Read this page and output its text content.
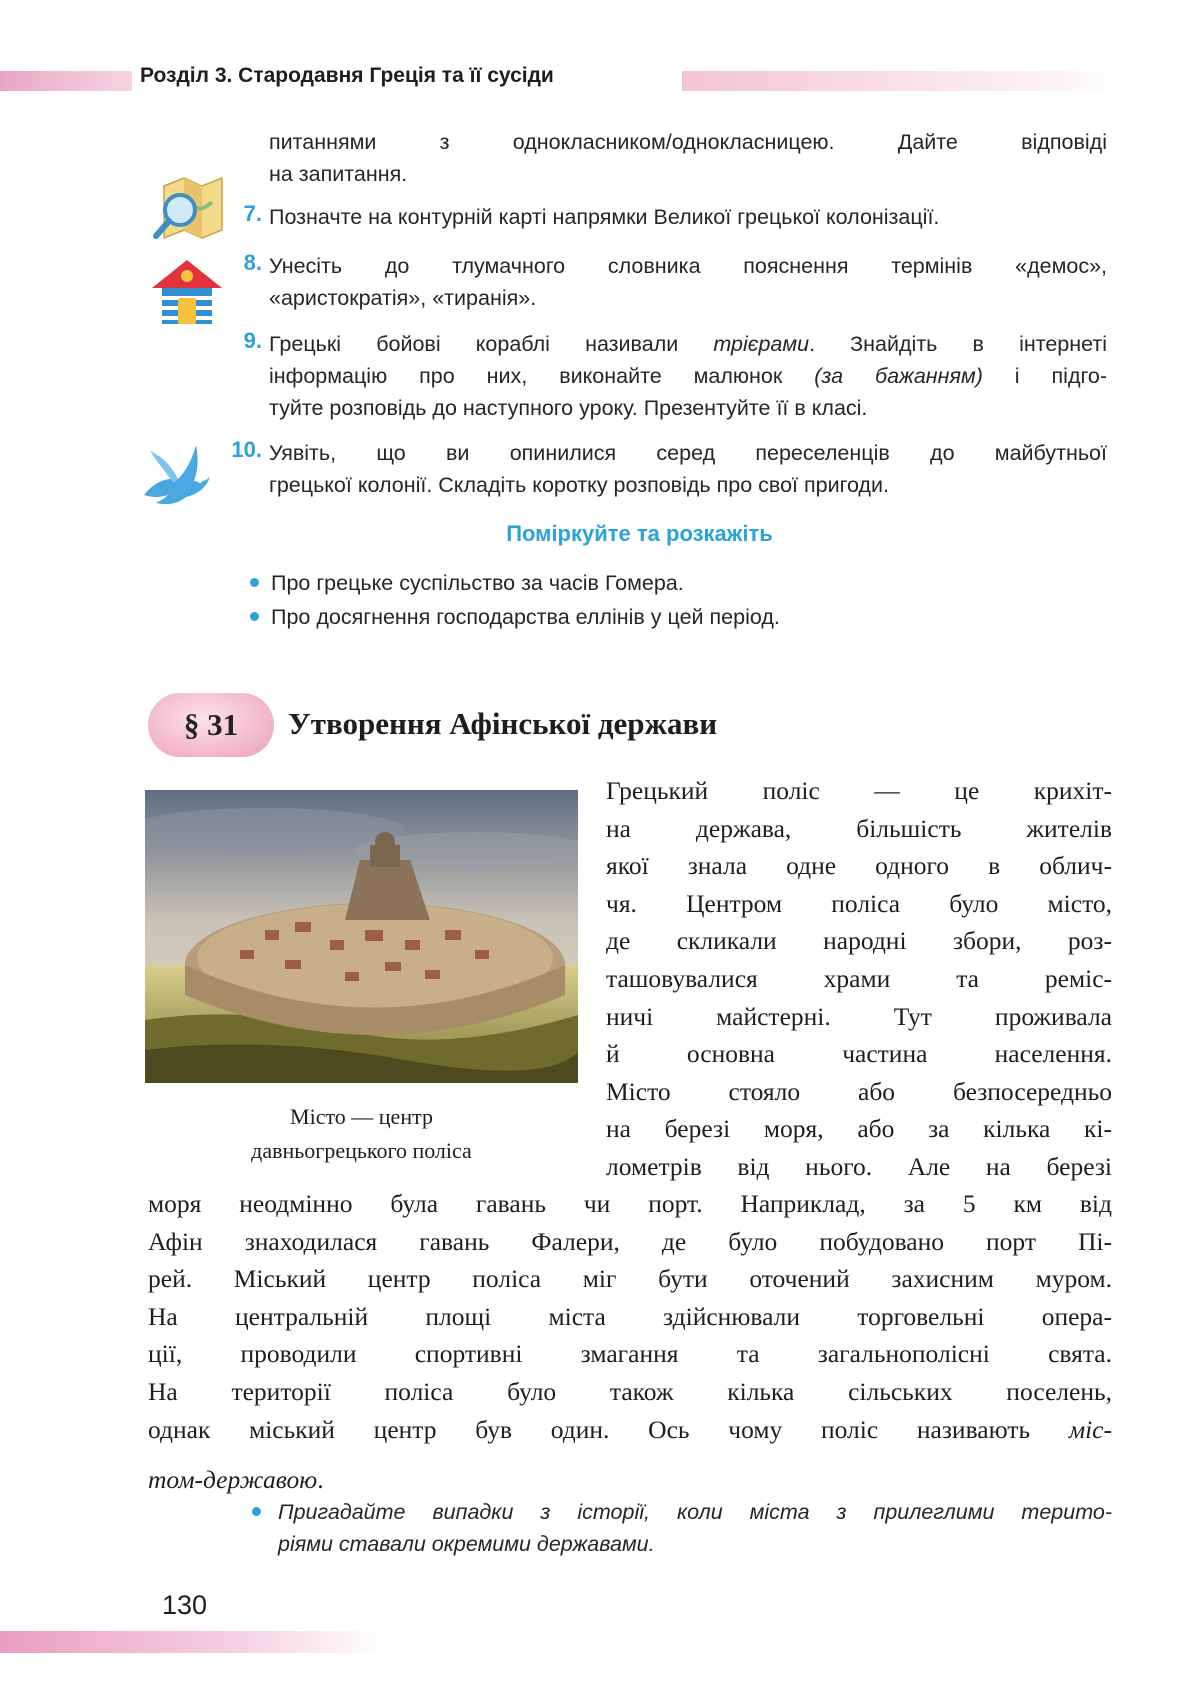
Розділ 3. Стародавня Греція та її сусіди
питаннями з однокласником/однокласницею. Дайте відповіді
на запитання.
7. Позначте на контурній карті напрямки Великої грецької колонізації.
8. Унесіть до тлумачного словника пояснення термінів «демос»,
«аристократія», «тиранія».
9. Грецькі бойові кораблі називали трієрами. Знайдіть в інтернеті
інформацію про них, виконайте малюнок (за бажанням) і підго-
туйте розповідь до наступного уроку. Презентуйте її в класі.
10. Уявіть, що ви опинилися серед переселенців до майбутньої
грецької колонії. Складіть коротку розповідь про свої пригоди.
Поміркуйте та розкажіть
Про грецьке суспільство за часів Гомера.
Про досягнення господарства еллінів у цей період.
§ 31	Утворення Афінської держави
Місто — центр
давньогрецького поліса
Грецький поліс — це крихіт-
на держава, більшість жителів
якої знала одне одного в облич-
чя. Центром поліса було місто,
де скликали народні збори, роз-
ташовувалися храми та реміс-
ничі майстерні. Тут проживала
й основна частина населення.
Місто стояло або безпосередньо
на березі моря, або за кілька кі-
лометрів від нього. Але на березі
моря неодмінно була гавань чи порт. Наприклад, за 5 км від
Афін знаходилася гавань Фалери, де було побудовано порт Пі-
рей. Міський центр поліса міг бути оточений захисним муром.
На центральній площі міста здійснювали торговельні опера-
ції, проводили спортивні змагання та загальнополісні свята.
На території поліса було також кілька сільських поселень,
однак міський центр був один. Ось чому поліс називають міс-
том-державою.
Пригадайте випадки з історії, коли міста з прилеглими терито-
ріями ставали окремими державами.
130
